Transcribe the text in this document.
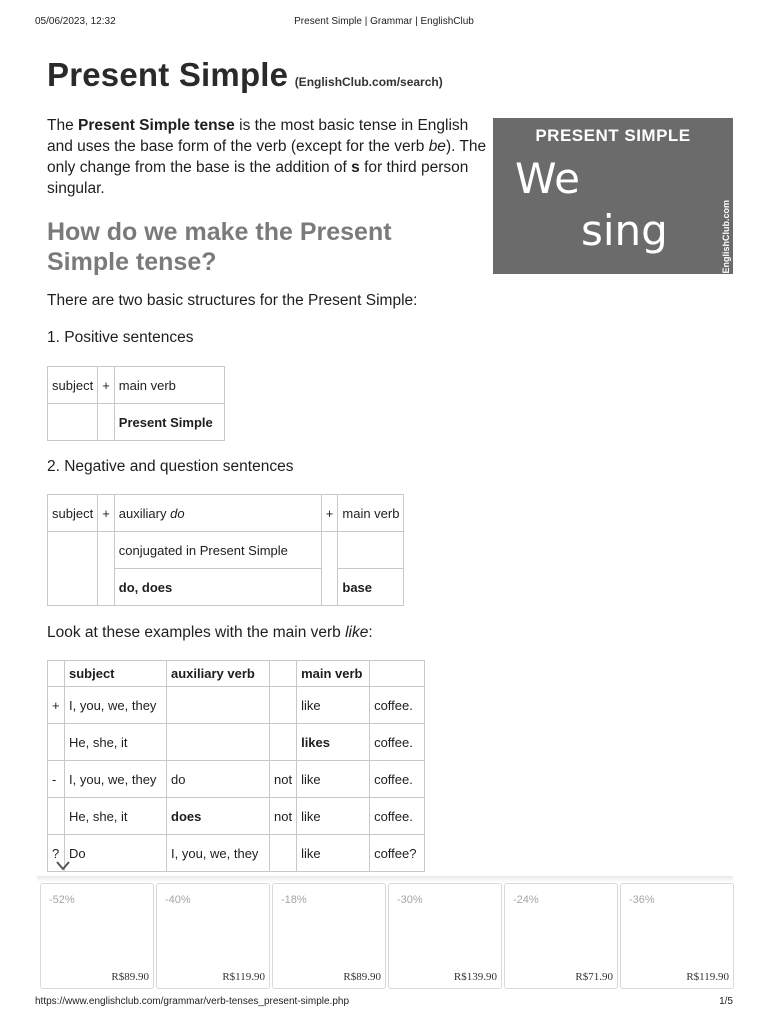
05/06/2023, 12:32	Present Simple | Grammar | EnglishClub
Present Simple (EnglishClub.com/search)

The Present Simple tense is the most basic tense in English and uses the base form of the verb (except for the verb be). The only change from the base is the addition of s for third person singular.

PRESENT SIMPLE
We
sing	EnglishClub.com
How do we make the Present Simple tense?

There are two basic structures for the Present Simple:

1. Positive sentences

subject	+	main verb
		Present Simple

2. Negative and question sentences

subject	+	auxiliary do	+	main verb
		conjugated in Present Simple		
		do, does		base

Look at these examples with the main verb like:

	subject	auxiliary verb		main verb	
+	I, you, we, they			like	coffee.
	He, she, it			likes	coffee.
-	I, you, we, they	do	not	like	coffee.
	He, she, it	does	not	like	coffee.
?	Do	I, you, we, they		like	coffee?
-52%
R$89.90
-40%
R$119.90
-18%
R$89.90
-30%
R$139.90
-24%
R$71.90
-36%
R$119.90
https://www.englishclub.com/grammar/verb-tenses_present-simple.php	1/5
